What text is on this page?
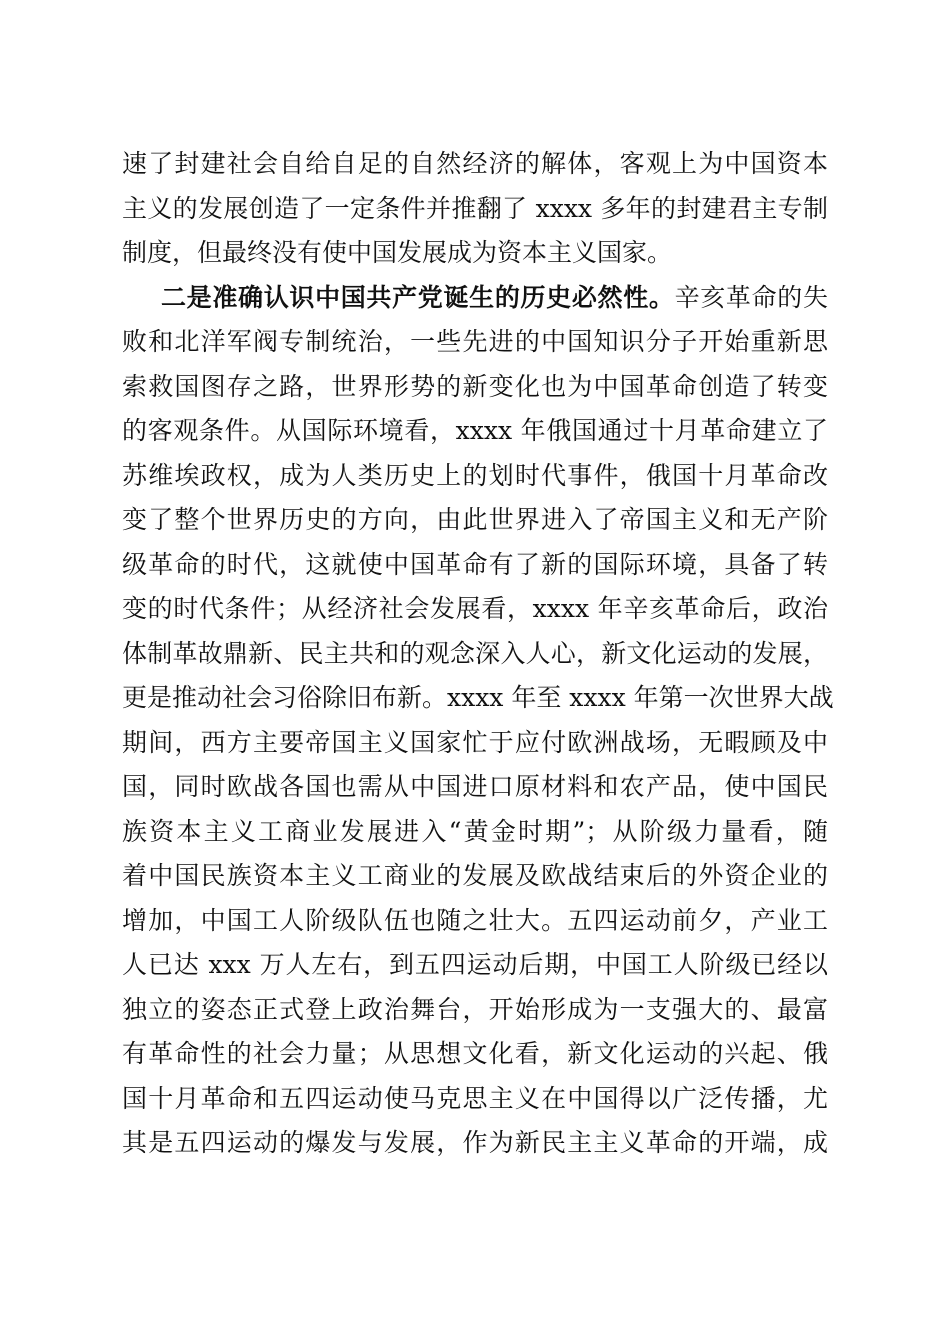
速了封建社会自给自足的自然经济的解体，客观上为中国资本
主义的发展创造了一定条件并推翻了 xxxx 多年的封建君主专制
制度，但最终没有使中国发展成为资本主义国家。
二是准确认识中国共产党诞生的历史必然性。辛亥革命的失
败和北洋军阀专制统治，一些先进的中国知识分子开始重新思
索救国图存之路，世界形势的新变化也为中国革命创造了转变
的客观条件。从国际环境看，xxxx 年俄国通过十月革命建立了
苏维埃政权，成为人类历史上的划时代事件，俄国十月革命改
变了整个世界历史的方向，由此世界进入了帝国主义和无产阶
级革命的时代，这就使中国革命有了新的国际环境，具备了转
变的时代条件；从经济社会发展看，xxxx 年辛亥革命后，政治
体制革故鼎新、民主共和的观念深入人心，新文化运动的发展，
更是推动社会习俗除旧布新。xxxx 年至 xxxx 年第一次世界大战
期间，西方主要帝国主义国家忙于应付欧洲战场，无暇顾及中
国，同时欧战各国也需从中国进口原材料和农产品，使中国民
族资本主义工商业发展进入“黄金时期”；从阶级力量看，随
着中国民族资本主义工商业的发展及欧战结束后的外资企业的
增加，中国工人阶级队伍也随之壮大。五四运动前夕，产业工
人已达 xxx 万人左右，到五四运动后期，中国工人阶级已经以
独立的姿态正式登上政治舞台，开始形成为一支强大的、最富
有革命性的社会力量；从思想文化看，新文化运动的兴起、俄
国十月革命和五四运动使马克思主义在中国得以广泛传播，尤
其是五四运动的爆发与发展，作为新民主主义革命的开端，成
